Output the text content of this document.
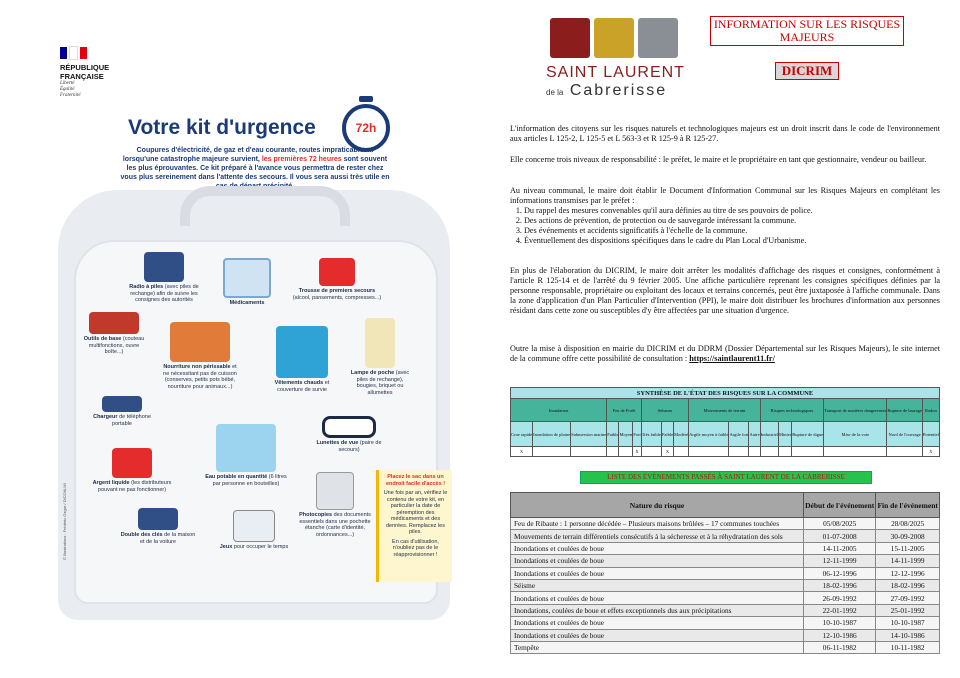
RÉPUBLIQUE
FRANÇAISE
Liberté
Égalité
Fraternité
Votre kit d'urgence	72h
Coupures d'électricité, de gaz et d'eau courante, routes impraticables... lorsqu'une catastrophe majeure survient, les premières 72 heures sont souvent les plus éprouvantes. Ce kit préparé à l'avance vous permettra de rester chez vous plus sereinement dans l'attente des secours. Il vous sera aussi très utile en cas de départ précipité.
Radio à piles (avec piles de rechange) afin de suivre les consignes des autorités	Médicaments
Trousse de premiers secours (alcool, pansements, compresses...)
Outils de base (couteau multifonctions, ouvre boîte...)
Nourriture non périssable et ne nécessitant pas de cuisson (conserves, petits pots bébé, nourriture pour animaux...)
Vêtements chauds et couverture de survie
Lampe de poche (avec piles de rechange), bougies, briquet ou allumettes
Chargeur de téléphone portable
Lunettes de vue (paire de secours)
Argent liquide (les distributeurs pouvant ne pas fonctionner)
Eau potable en quantité (6 litres par personne en bouteilles)
Photocopies des documents essentiels dans une pochette étanche (carte d'identité, ordonnances...)
Double des clés de la maison et de la voiture
Jeux pour occuper le temps
Placez le sac dans un endroit facile d'accès !
Une fois par an, vérifiez le contenu de votre kit, en particulier la date de péremption des médicaments et des denrées. Remplacez les piles.
En cas d'utilisation, n'oubliez pas de le réapprovisionner !
© Illustrations : Frédéric Ozgur / DICOM-MI
SAINT LAURENT
de la Cabrerisse
INFORMATION SUR LES RISQUES MAJEURS
DICRIM
L'information des citoyens sur les risques naturels et technologiques majeurs est un droit inscrit dans le code de l'environnement aux articles L 125-2, L 125-5 et L 563-3 et R 125-9 à R 125-27.
Elle concerne trois niveaux de responsabilité : le préfet, le maire et le propriétaire en tant que gestionnaire, vendeur ou bailleur.
Au niveau communal, le maire doit établir le Document d'Information Communal sur les Risques Majeurs en complétant les informations transmises par le préfet :
1. Du rappel des mesures convenables qu'il aura définies au titre de ses pouvoirs de police.
2. Des actions de prévention, de protection ou de sauvegarde intéressant la commune.
3. Des événements et accidents significatifs à l'échelle de la commune.
4. Éventuellement des dispositions spécifiques dans le cadre du Plan Local d'Urbanisme.
En plus de l'élaboration du DICRIM, le maire doit arrêter les modalités d'affichage des risques et consignes, conformément à l'article R 125-14 et de l'arrêté du 9 février 2005. Une affiche particulière reprenant les consignes spécifiques définies par la personne responsable, propriétaire ou exploitant des locaux et terrains concernés, peut être juxtaposée à l'affiche communale. Dans la zone d'application d'un Plan Particulier d'Intervention (PPI), le maire doit distribuer les brochures d'information aux personnes résidant dans cette zone ou susceptibles d'y être affectées par une situation d'urgence.
Outre la mise à disposition en mairie du DICRIM et du DDRM (Dossier Départemental sur les Risques Majeurs), le site internet de la commune offre cette possibilité de consultation : https://saintlaurent11.fr/
SYNTHÈSE DE L'ÉTAT DES RISQUES SUR LA COMMUNE																	
Inondation			Feu de Forêt			Séismes			Mouvements de terrain			Risques technologiques			Transport de matières dangereuses	Rupture de barrage	Radon
Crue rapide	Inondation de plaine	Submersion marine	Faible	Moyen	Fort	Très faible	Faible	Modéré	Argile moyen à faible	Argile fort	Autre	Industriel	Minier	Rupture de digue	Mise de la voie	Nord de l'ouvrage	Potentiel
X					X		X										X
LISTE DES ÉVÉNEMENTS PASSÉS À SAINT LAURENT DE LA CABRERISSE
Nature du risque	Début de l'événement	Fin de l'événement
Feu de Ribaute : 1 personne décédée – Plusieurs maisons brûlées – 17 communes touchées	05/08/2025	28/08/2025
Mouvements de terrain différentiels consécutifs à la sécheresse et à la réhydratation des sols	01-07-2008	30-09-2008
Inondations et coulées de boue	14-11-2005	15-11-2005
Inondations et coulées de boue	12-11-1999	14-11-1999
Inondations et coulées de boue	06-12-1996	12-12-1996
Séisme	18-02-1996	18-02-1996
Inondations et coulées de boue	26-09-1992	27-09-1992
Inondations, coulées de boue et effets exceptionnels dus aux précipitations	22-01-1992	25-01-1992
Inondations et coulées de boue	10-10-1987	10-10-1987
Inondations et coulées de boue	12-10-1986	14-10-1986
Tempête	06-11-1982	10-11-1982
